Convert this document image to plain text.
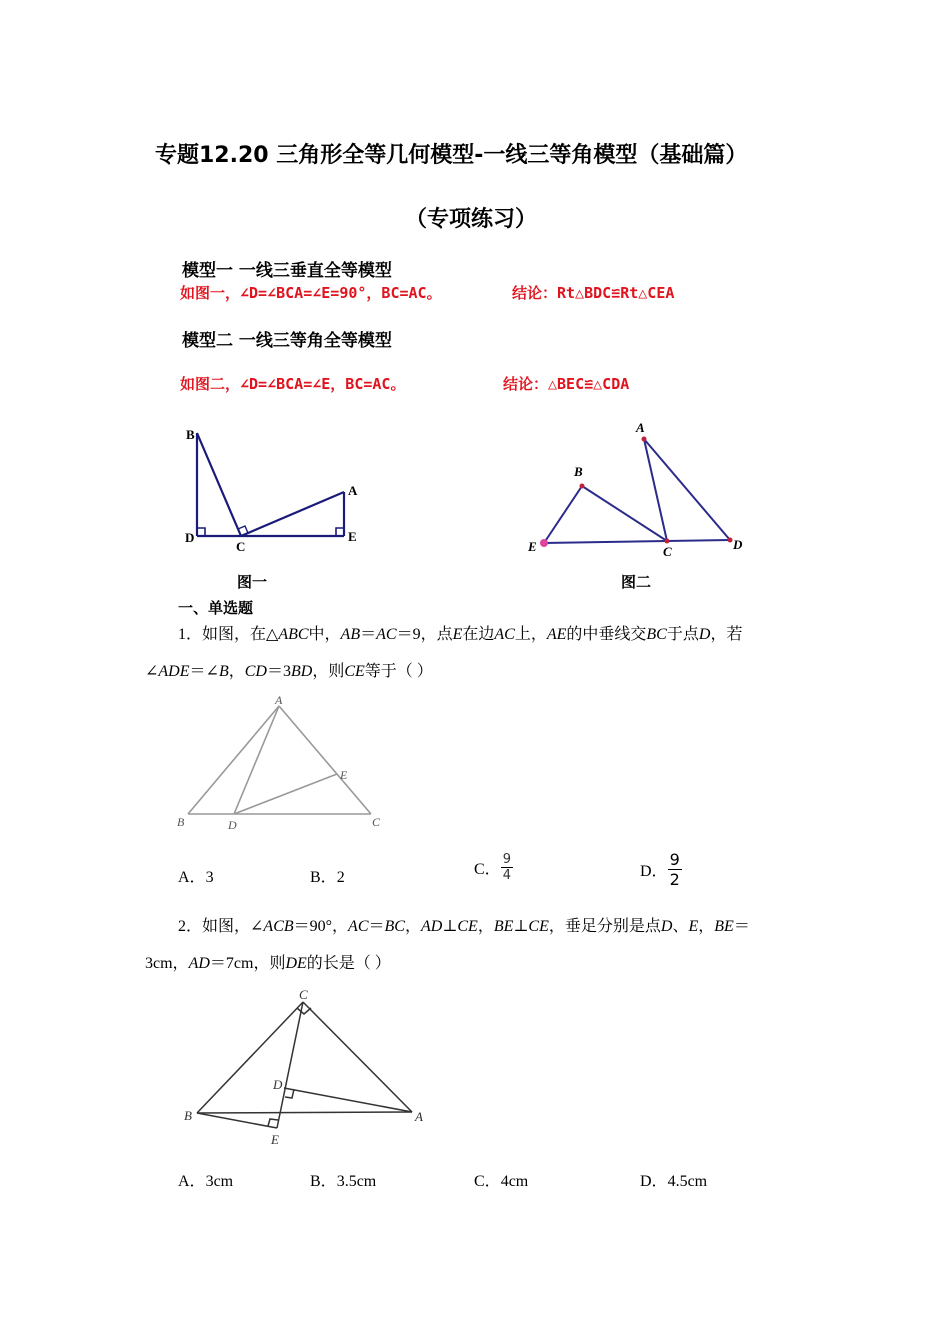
专题12.20 三角形全等几何模型-一线三等角模型（基础篇）
（专项练习）
模型一 一线三垂直全等模型
如图一，∠D=∠BCA=∠E=90°，BC=AC。	结论：Rt△BDC≌Rt△CEA
模型二 一线三等角全等模型
如图二，∠D=∠BCA=∠E，BC=AC。	结论：△BEC≌△CDA
B
D
C
A
E
图一
A
B
E	C	D
图二
一、单选题
1．如图，在△ABC中，AB＝AC＝9，点E在边AC上，AE的中垂线交BC于点D，若
∠ADE＝∠B，CD＝3BD，则CE等于（ ）
A
B	D	C
E
A．3	B．2	C． $\frac{9}{4}$	D． $\frac{9}{2}$
2．如图，∠ACB＝90°，AC＝BC，AD⊥CE，BE⊥CE，垂足分别是点D、E，BE＝
3cm，AD＝7cm，则DE的长是（ ）
C
D
B	A
E
A．3cm	B．3.5cm	C．4cm	D．4.5cm
